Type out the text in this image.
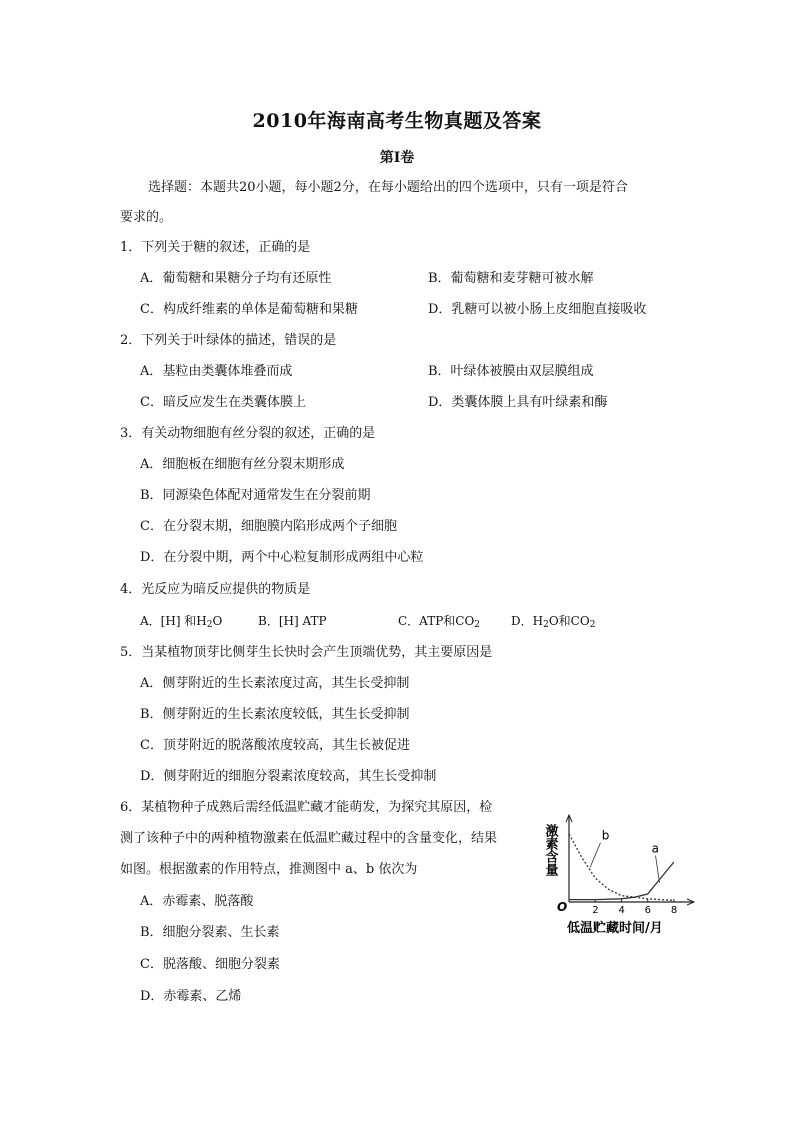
2010年海南高考生物真题及答案
第Ⅰ卷
选择题：本题共20小题，每小题2分，在每小题给出的四个选项中，只有一项是符合
要求的。
1．下列关于糖的叙述，正确的是
A．葡萄糖和果糖分子均有还原性	B．葡萄糖和麦芽糖可被水解
C．构成纤维素的单体是葡萄糖和果糖	D．乳糖可以被小肠上皮细胞直接吸收
2．下列关于叶绿体的描述，错误的是
A．基粒由类囊体堆叠而成	B．叶绿体被膜由双层膜组成
C．暗反应发生在类囊体膜上	D．类囊体膜上具有叶绿素和酶
3．有关动物细胞有丝分裂的叙述，正确的是
A．细胞板在细胞有丝分裂末期形成
B．同源染色体配对通常发生在分裂前期
C．在分裂末期，细胞膜内陷形成两个子细胞
D．在分裂中期，两个中心粒复制形成两组中心粒
4．光反应为暗反应提供的物质是
A．[H] 和$H_2O$	B．[H] ATP	C．ATP和$CO_2$	D．$H_2O$和$CO_2$
5．当某植物顶芽比侧芽生长快时会产生顶端优势，其主要原因是
A．侧芽附近的生长素浓度过高，其生长受抑制
B．侧芽附近的生长素浓度较低，其生长受抑制
C．顶芽附近的脱落酸浓度较高，其生长被促进
D．侧芽附近的细胞分裂素浓度较高，其生长受抑制
6．某植物种子成熟后需经低温贮藏才能萌发，为探究其原因，检
测了该种子中的两种植物激素在低温贮藏过程中的含量变化，结果
如图。根据激素的作用特点，推测图中 a、b 依次为
A．赤霉素、脱落酸
B．细胞分裂素、生长素
C．脱落酸、细胞分裂素
D．赤霉素、乙烯
激素含量
O
低温贮藏时间/月
2 4 6 8
a
b
